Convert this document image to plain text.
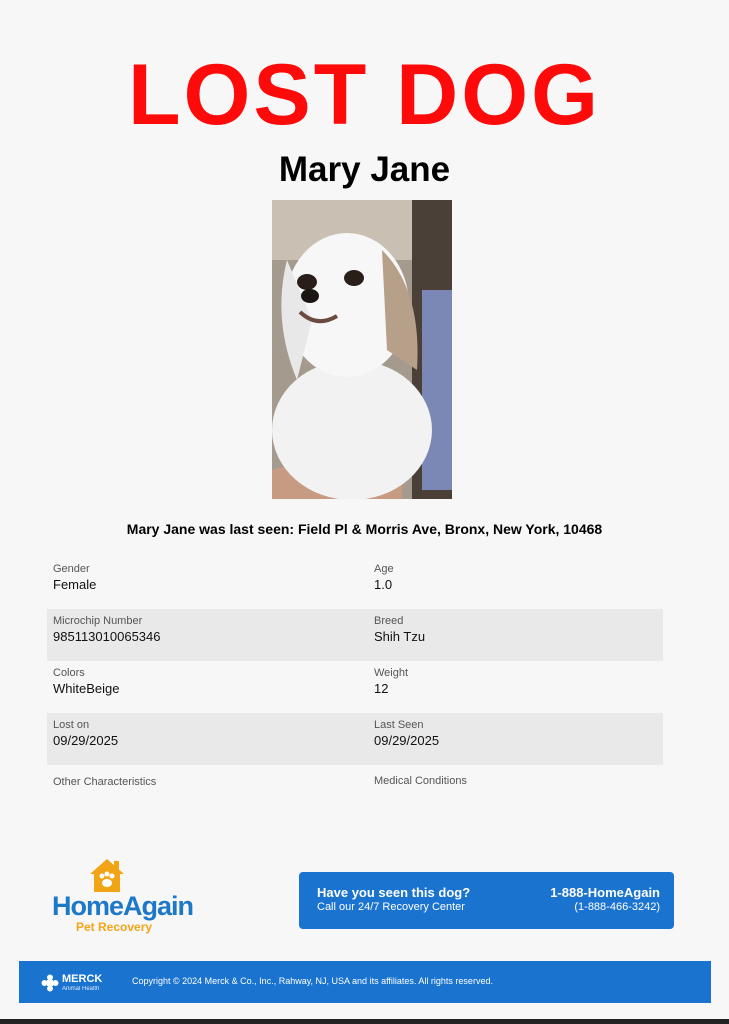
LOST DOG
Mary Jane
Mary Jane was last seen: Field Pl & Morris Ave, Bronx, New York, 10468
Gender
Female
Age
1.0
Microchip Number
985113010065346
Breed
Shih Tzu
Colors
WhiteBeige
Weight
12
Lost on
09/29/2025
Last Seen
09/29/2025
Other Characteristics	Medical Conditions
HomeAgain
Pet Recovery
Have you seen this dog?
Call our 24/7 Recovery Center
1-888-HomeAgain
(1-888-466-3242)
MERCK
Animal Health
Copyright © 2024 Merck & Co., Inc., Rahway, NJ, USA and its affiliates. All rights reserved.
